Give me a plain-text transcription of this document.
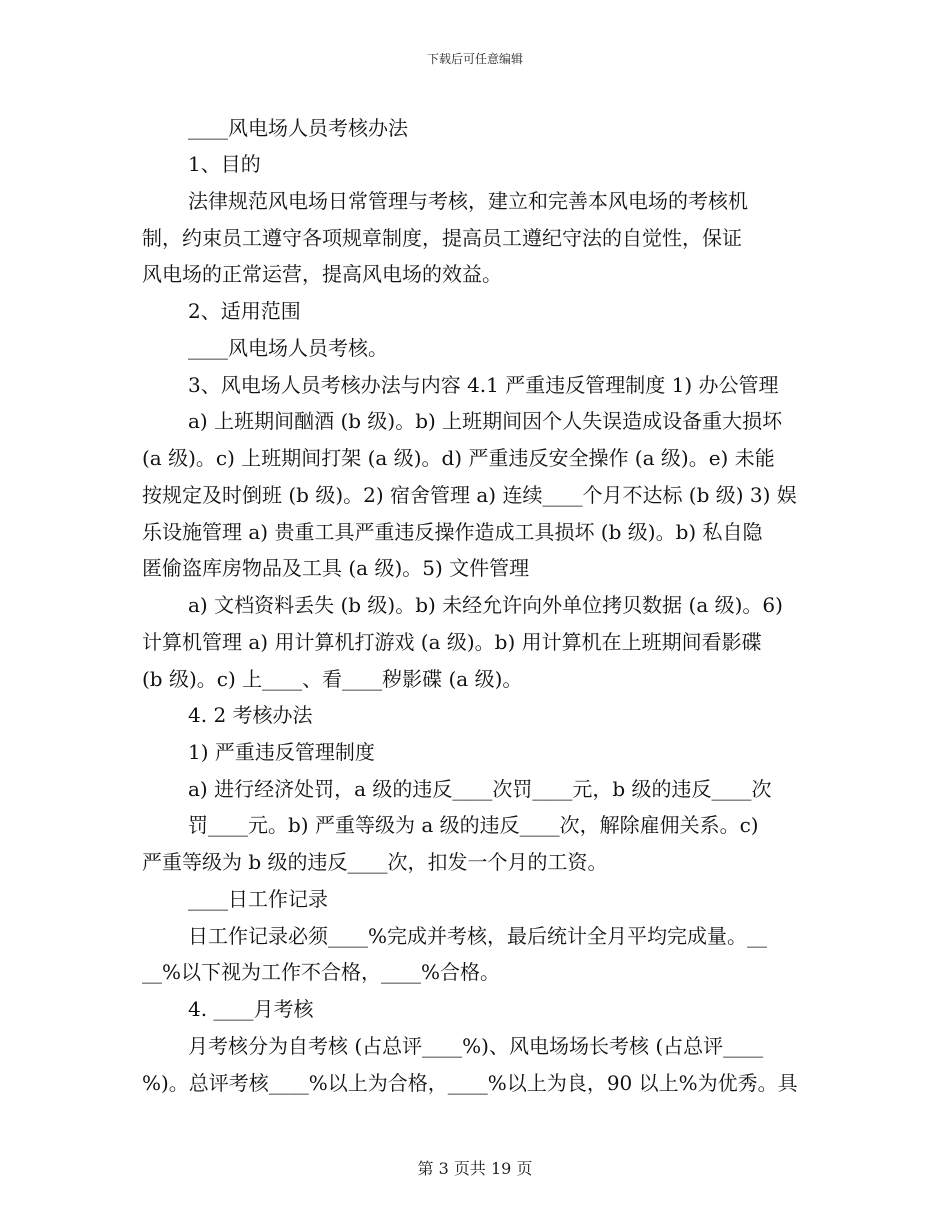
下载后可任意编辑
____风电场人员考核办法
1、目的
法律规范风电场日常管理与考核，建立和完善本风电场的考核机
制，约束员工遵守各项规章制度，提高员工遵纪守法的自觉性，保证
风电场的正常运营，提高风电场的效益。
2、适用范围
____风电场人员考核。
3、风电场人员考核办法与内容 4.1 严重违反管理制度 1) 办公管理
a) 上班期间酗酒 (b 级)。b) 上班期间因个人失误造成设备重大损坏
(a 级)。c) 上班期间打架 (a 级)。d) 严重违反安全操作 (a 级)。e) 未能
按规定及时倒班 (b 级)。2) 宿舍管理 a) 连续____个月不达标 (b 级) 3) 娱
乐设施管理 a) 贵重工具严重违反操作造成工具损坏 (b 级)。b) 私自隐
匿偷盗库房物品及工具 (a 级)。5) 文件管理
a) 文档资料丢失 (b 级)。b) 未经允许向外单位拷贝数据 (a 级)。6)
计算机管理 a) 用计算机打游戏 (a 级)。b) 用计算机在上班期间看影碟
(b 级)。c) 上____、看____秽影碟 (a 级)。
4. 2 考核办法
1) 严重违反管理制度
a) 进行经济处罚，a 级的违反____次罚____元，b 级的违反____次
罚____元。b) 严重等级为 a 级的违反____次，解除雇佣关系。c)
严重等级为 b 级的违反____次，扣发一个月的工资。
____日工作记录
日工作记录必须____%完成并考核，最后统计全月平均完成量。__
__%以下视为工作不合格，____%合格。
4. ____月考核
月考核分为自考核 (占总评____%)、风电场场长考核 (占总评____
%)。总评考核____%以上为合格，____%以上为良，90 以上%为优秀。具
第 3 页共 19 页
